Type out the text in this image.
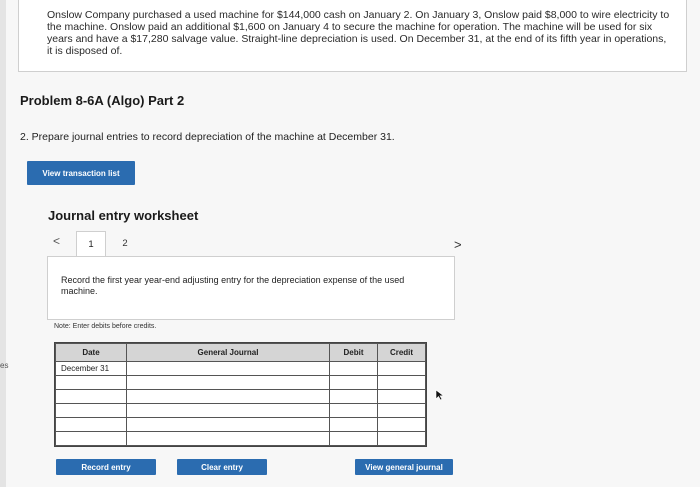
es
Onslow Company purchased a used machine for $144,000 cash on January 2. On January 3, Onslow paid $8,000 to wire electricity to the machine. Onslow paid an additional $1,600 on January 4 to secure the machine for operation. The machine will be used for six years and have a $17,280 salvage value. Straight-line depreciation is used. On December 31, at the end of its fifth year in operations, it is disposed of.
Problem 8-6A (Algo) Part 2
2. Prepare journal entries to record depreciation of the machine at December 31.
View transaction list
Journal entry worksheet
<	1	2	>
Record the first year year-end adjusting entry for the depreciation expense of the used machine.
Note: Enter debits before credits.
Date	General Journal	Debit	Credit
December 31			

Record entry	Clear entry	View general journal
